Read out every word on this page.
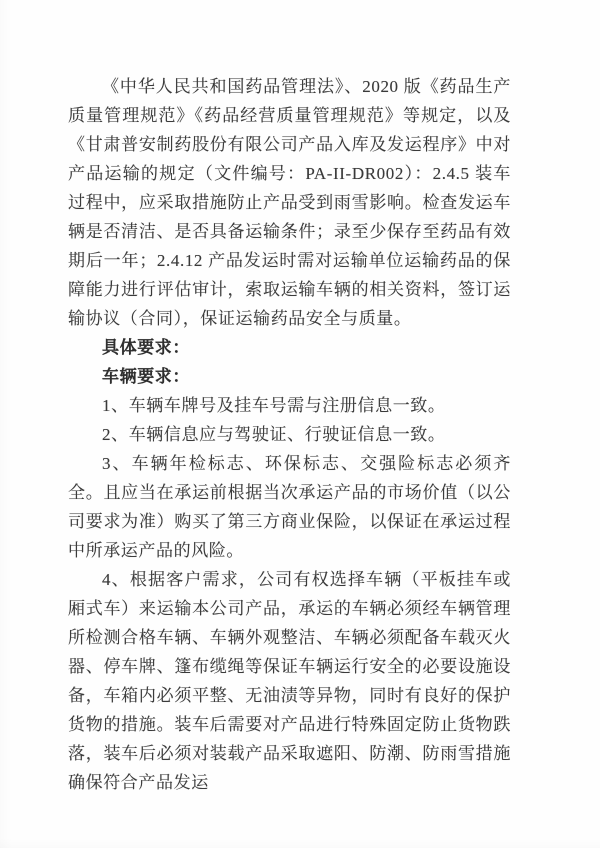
《中华人民共和国药品管理法》、2020 版《药品生产质量管理规范》《药品经营质量管理规范》等规定，以及《甘肃普安制药股份有限公司产品入库及发运程序》中对产品运输的规定（文件编号：PA-II-DR002）：2.4.5 装车过程中，应采取措施防止产品受到雨雪影响。检查发运车辆是否清洁、是否具备运输条件；录至少保存至药品有效期后一年；2.4.12 产品发运时需对运输单位运输药品的保障能力进行评估审计，索取运输车辆的相关资料，签订运输协议（合同），保证运输药品安全与质量。

具体要求：

车辆要求：

1、车辆车牌号及挂车号需与注册信息一致。

2、车辆信息应与驾驶证、行驶证信息一致。

3、车辆年检标志、环保标志、交强险标志必须齐全。且应当在承运前根据当次承运产品的市场价值（以公司要求为准）购买了第三方商业保险，以保证在承运过程中所承运产品的风险。

4、根据客户需求，公司有权选择车辆（平板挂车或厢式车）来运输本公司产品，承运的车辆必须经车辆管理所检测合格车辆、车辆外观整洁、车辆必须配备车载灭火器、停车牌、篷布缆绳等保证车辆运行安全的必要设施设备，车箱内必须平整、无油渍等异物，同时有良好的保护货物的措施。装车后需要对产品进行特殊固定防止货物跌落，装车后必须对装载产品采取遮阳、防潮、防雨雪措施确保符合产品发运
